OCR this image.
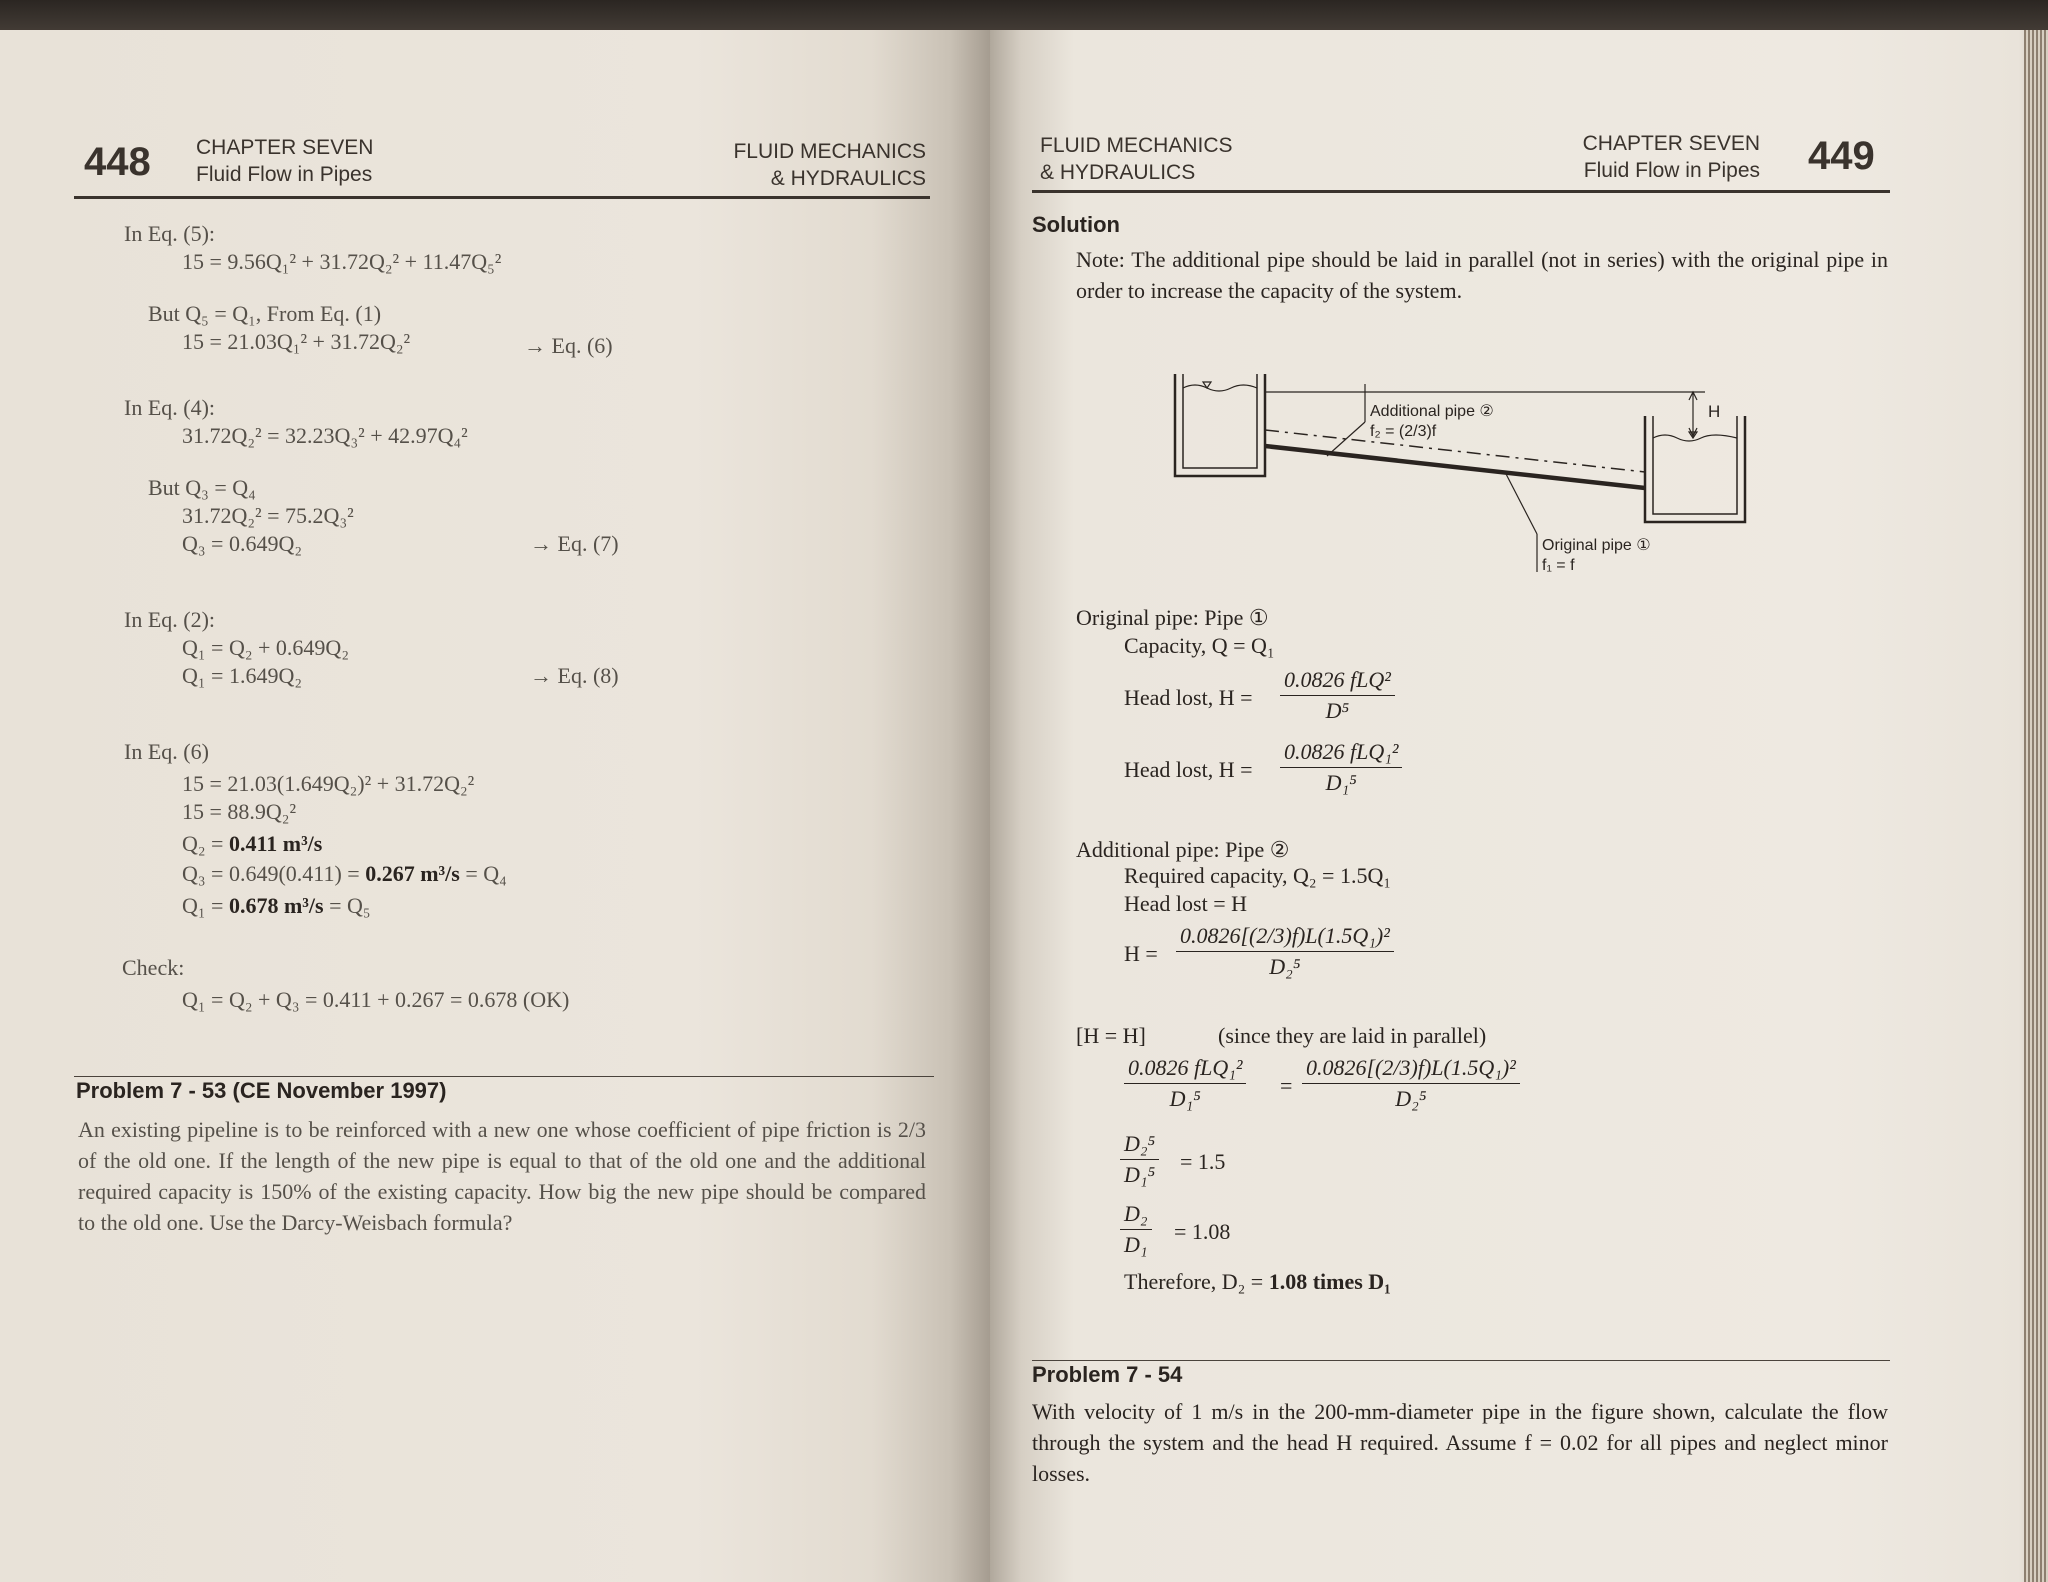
448 CHAPTER SEVEN
Fluid Flow in Pipes
FLUID MECHANICS
& HYDRAULICS
In Eq. (5):
15 = 9.56Q₁² + 31.72Q₂² + 11.47Q₅²
But Q₅ = Q₁, From Eq. (1)
15 = 21.03Q₁² + 31.72Q₂²	→ Eq. (6)
In Eq. (4):
31.72Q₂² = 32.23Q₃² + 42.97Q₄²
But Q₃ = Q₄
31.72Q₂² = 75.2Q₃²
Q₃ = 0.649Q₂	→ Eq. (7)
In Eq. (2):
Q₁ = Q₂ + 0.649Q₂
Q₁ = 1.649Q₂	→ Eq. (8)
In Eq. (6)
15 = 21.03(1.649Q₂)² + 31.72Q₂²
15 = 88.9Q₂²
Q₂ = 0.411 m³/s
Q₃ = 0.649(0.411) = 0.267 m³/s = Q₄
Q₁ = 0.678 m³/s = Q₅
Check:
Q₁ = Q₂ + Q₃ = 0.411 + 0.267 = 0.678 (OK)
Problem 7 - 53 (CE November 1997)
An existing pipeline is to be reinforced with a new one whose coefficient of pipe friction is 2/3 of the old one. If the length of the new pipe is equal to that of the old one and the additional required capacity is 150% of the existing capacity. How big the new pipe should be compared to the old one. Use the Darcy-Weisbach formula?
FLUID MECHANICS
& HYDRAULICS
CHAPTER SEVEN
Fluid Flow in Pipes 449
Solution
Note: The additional pipe should be laid in parallel (not in series) with the original pipe in order to increase the capacity of the system.
Additional pipe ②
f₂ = (2/3)f
Original pipe ①
f₁ = f
H
Original pipe: Pipe ①
Capacity, Q = Q₁
Head lost, H =
0.0826 fLQ²
D⁵
Head lost, H =
0.0826 fLQ₁²
D₁⁵
Additional pipe: Pipe ②
Required capacity, Q₂ = 1.5Q₁
Head lost = H
$H = \frac{\text{0.0826[(2/3)f)L(1.5Q₁)²}}{\text{D₂⁵}}$
[H = H]	(since they are laid in parallel)
0.0826 fLQ₁²
D₁⁵
= $\frac{\text{0.0826[(2/3)f)L(1.5Q₁)²}}{\text{D₂⁵}}$
$\frac{\text{D₂⁵}}{\text{D₁⁵}} = 1.5$
$\frac{\text{D₂}}{\text{D₁}} = 1.08$
Therefore, D₂ = 1.08 times D₁
Problem 7 - 54
With velocity of 1 m/s in the 200-mm-diameter pipe in the figure shown, calculate the flow through the system and the head H required. Assume f = 0.02 for all pipes and neglect minor losses.
